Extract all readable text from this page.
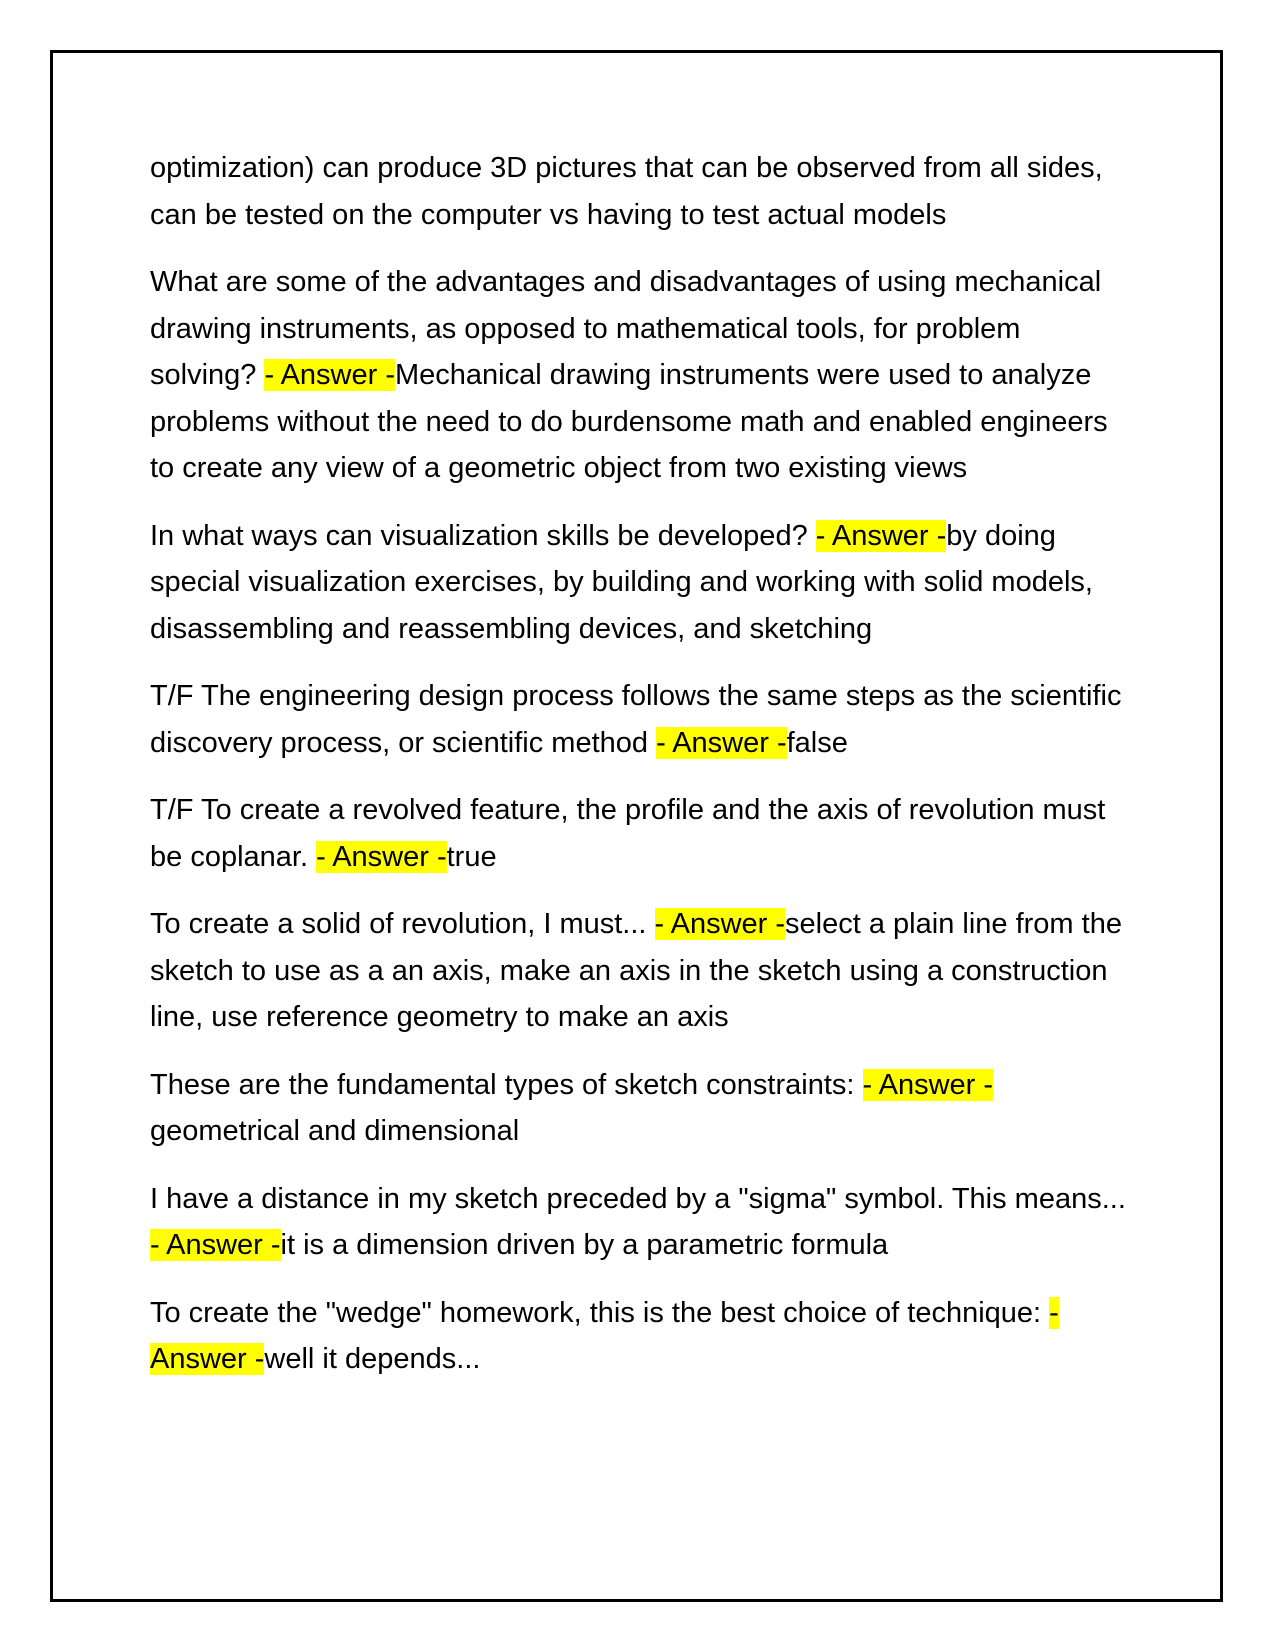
optimization) can produce 3D pictures that can be observed from all sides, can be tested on the computer vs having to test actual models

What are some of the advantages and disadvantages of using mechanical drawing instruments, as opposed to mathematical tools, for problem solving? - Answer -Mechanical drawing instruments were used to analyze problems without the need to do burdensome math and enabled engineers to create any view of a geometric object from two existing views

In what ways can visualization skills be developed? - Answer -by doing special visualization exercises, by building and working with solid models, disassembling and reassembling devices, and sketching

T/F The engineering design process follows the same steps as the scientific discovery process, or scientific method - Answer -false

T/F To create a revolved feature, the profile and the axis of revolution must be coplanar. - Answer -true

To create a solid of revolution, I must... - Answer -select a plain line from the sketch to use as a an axis, make an axis in the sketch using a construction line, use reference geometry to make an axis

These are the fundamental types of sketch constraints: - Answer -geometrical and dimensional

I have a distance in my sketch preceded by a "sigma" symbol. This means... - Answer -it is a dimension driven by a parametric formula

To create the "wedge" homework, this is the best choice of technique: - Answer -well it depends...
